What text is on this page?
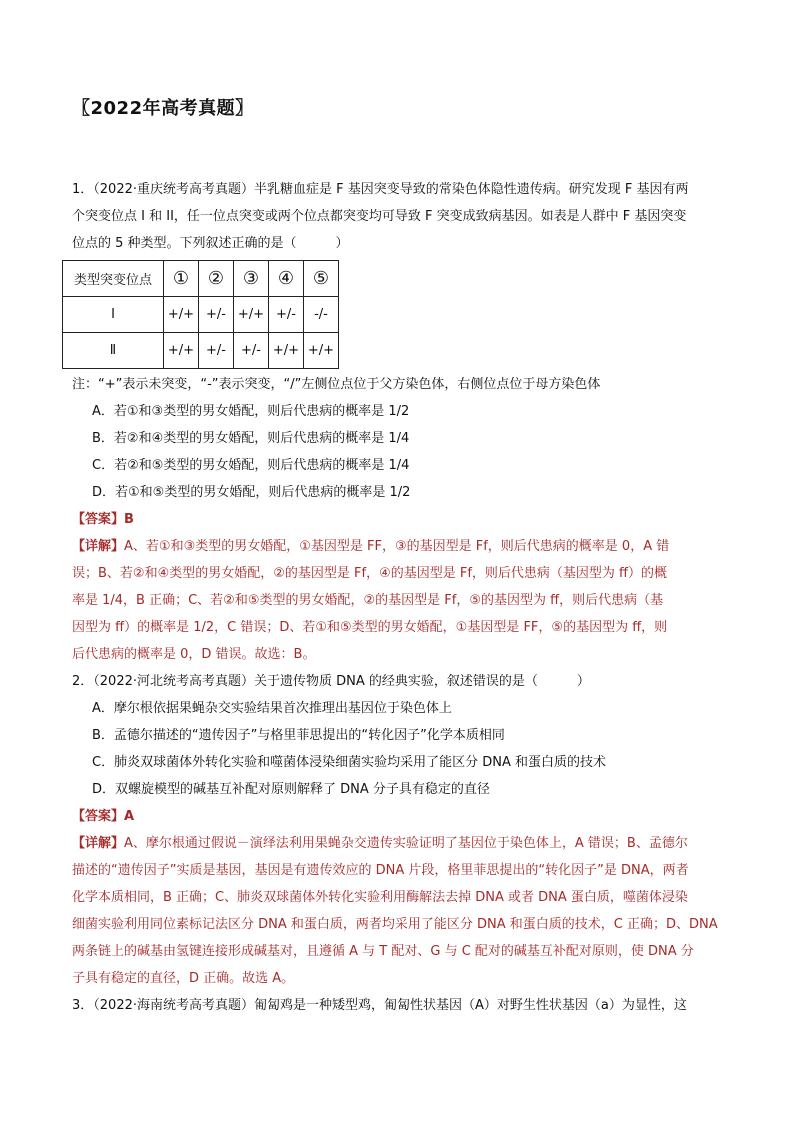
〖2022年高考真题〗
1．（2022·重庆统考高考真题）半乳糖血症是 F 基因突变导致的常染色体隐性遗传病。研究发现 F 基因有两
个突变位点 I 和 II，任一位点突变或两个位点都突变均可导致 F 突变成致病基因。如表是人群中 F 基因突变
位点的 5 种类型。下列叙述正确的是（　　　）
类型突变位点	①	②	③	④	⑤
Ⅰ	+/+	+/-	+/+	+/-	-/-
Ⅱ	+/+	+/-	+/-	+/+	+/+
注：“+”表示未突变，“-”表示突变，“/”左侧位点位于父方染色体，右侧位点位于母方染色体
A．若①和③类型的男女婚配，则后代患病的概率是 1/2
B．若②和④类型的男女婚配，则后代患病的概率是 1/4
C．若②和⑤类型的男女婚配，则后代患病的概率是 1/4
D．若①和⑤类型的男女婚配，则后代患病的概率是 1/2
【答案】B
【详解】A、若①和③类型的男女婚配，①基因型是 FF，③的基因型是 Ff，则后代患病的概率是 0，A 错
误；B、若②和④类型的男女婚配，②的基因型是 Ff，④的基因型是 Ff，则后代患病（基因型为 ff）的概
率是 1/4，B 正确；C、若②和⑤类型的男女婚配，②的基因型是 Ff，⑤的基因型为 ff，则后代患病（基
因型为 ff）的概率是 1/2，C 错误；D、若①和⑤类型的男女婚配，①基因型是 FF，⑤的基因型为 ff，则
后代患病的概率是 0，D 错误。故选：B。
2．（2022·河北统考高考真题）关于遗传物质 DNA 的经典实验，叙述错误的是（　　　）
A．摩尔根依据果蝇杂交实验结果首次推理出基因位于染色体上
B．孟德尔描述的“遗传因子”与格里菲思提出的“转化因子”化学本质相同
C．肺炎双球菌体外转化实验和噬菌体浸染细菌实验均采用了能区分 DNA 和蛋白质的技术
D．双螺旋模型的碱基互补配对原则解释了 DNA 分子具有稳定的直径
【答案】A
【详解】A、摩尔根通过假说－演绎法利用果蝇杂交遗传实验证明了基因位于染色体上，A 错误；B、孟德尔
描述的“遗传因子”实质是基因，基因是有遗传效应的 DNA 片段，格里菲思提出的“转化因子”是 DNA，两者
化学本质相同，B 正确；C、肺炎双球菌体外转化实验利用酶解法去掉 DNA 或者 DNA 蛋白质，噬菌体浸染
细菌实验利用同位素标记法区分 DNA 和蛋白质，两者均采用了能区分 DNA 和蛋白质的技术，C 正确；D、DNA
两条链上的碱基由氢键连接形成碱基对，且遵循 A 与 T 配对、G 与 C 配对的碱基互补配对原则，使 DNA 分
子具有稳定的直径，D 正确。故选 A。
3．（2022·海南统考高考真题）匍匐鸡是一种矮型鸡，匍匐性状基因（A）对野生性状基因（a）为显性，这
